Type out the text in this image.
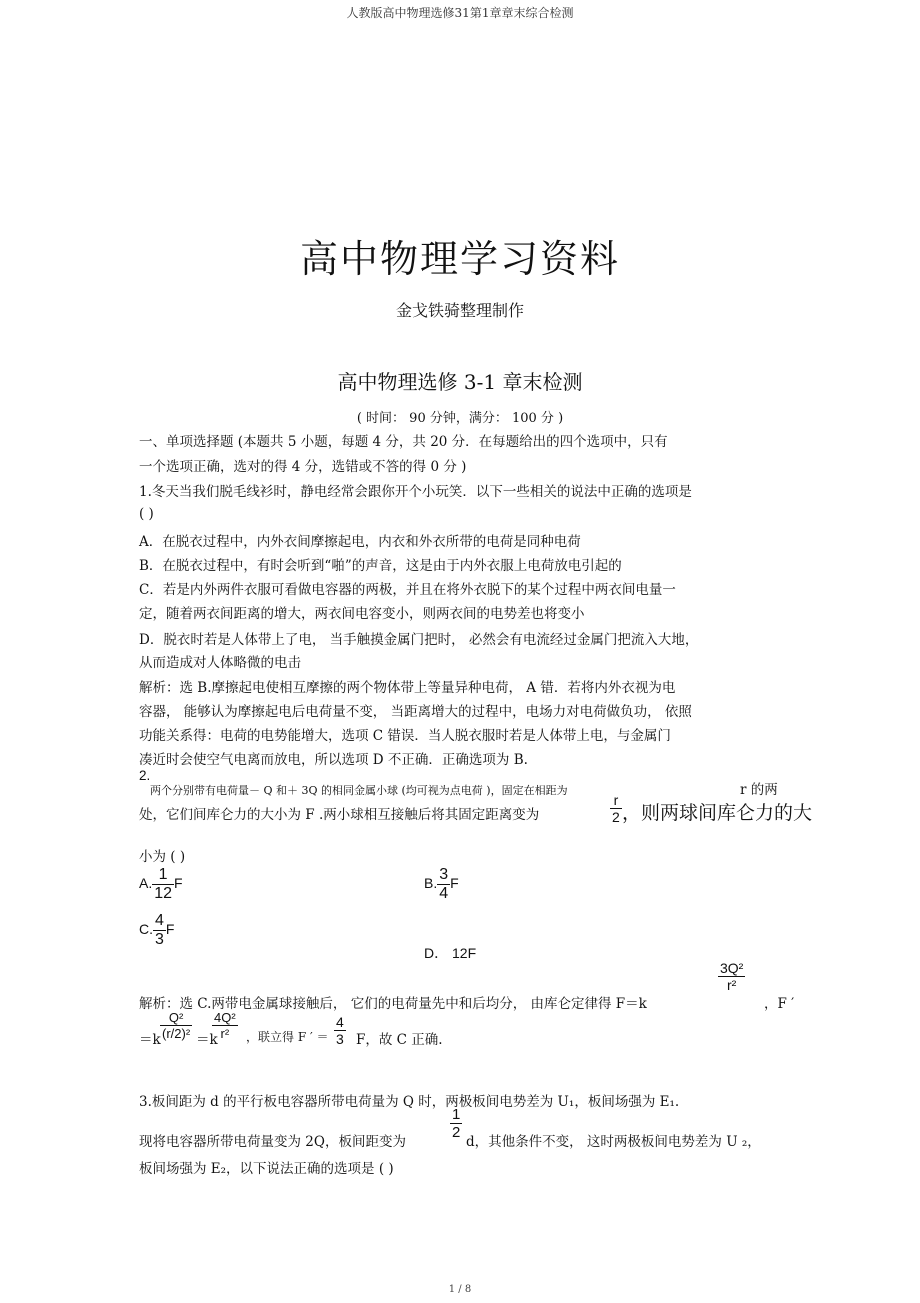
人教版高中物理选修31第1章章末综合检测
高中物理学习资料
金戈铁骑整理制作
高中物理选修 3-1 章末检测
( 时间： 90 分钟，满分： 100 分 )
一、单项选择题 (本题共 5 小题，每题 4 分，共 20 分．在每题给出的四个选项中，只有
一个选项正确，选对的得 4 分，选错或不答的得 0 分 )
1.冬天当我们脱毛线衫时，静电经常会跟你开个小玩笑．以下一些相关的说法中正确的选项是
( )
A．在脱衣过程中，内外衣间摩擦起电，内衣和外衣所带的电荷是同种电荷
B．在脱衣过程中，有时会听到“啪”的声音，这是由于内外衣服上电荷放电引起的
C．若是内外两件衣服可看做电容器的两极，并且在将外衣脱下的某个过程中两衣间电量一
定，随着两衣间距离的增大，两衣间电容变小，则两衣间的电势差也将变小
D．脱衣时若是人体带上了电， 当手触摸金属门把时， 必然会有电流经过金属门把流入大地，
从而造成对人体略微的电击
解析：选 B.摩擦起电使相互摩擦的两个物体带上等量异种电荷， A 错．若将内外衣视为电
容器， 能够认为摩擦起电后电荷量不变， 当距离增大的过程中，电场力对电荷做负功， 依照
功能关系得：电荷的电势能增大，选项 C 错误．当人脱衣服时若是人体带上电，与金属门
凑近时会使空气电离而放电，所以选项 D 不正确．正确选项为 B.
2.
两个分别带有电荷量－ Q 和＋ 3Q 的相同金属小球 (均可视为点电荷 )，固定在相距为	r 的两
处，它们间库仑力的大小为 F .两小球相互接触后将其固定距离变为	$\frac{r}{2}$ ，则两球间库仑力的大
小为 ( )
A. $\frac{1}{12}$ F	B. $\frac{3}{4}$ F
C. $\frac{4}{3}$ F
D． 12F
解析：选 C.两带电金属球接触后， 它们的电荷量先中和后均分， 由库仑定律得 F＝k
$\frac{\text{3Q²}}{\text{r²}}$
，F ′
$=k \frac{\text{Q²}}{\text{(r/2)²}} =k$
$\frac{\text{4Q²}}{\text{r²}}$ ，联立得 F ′ ＝ $\frac{4}{3}$ F，故 C 正确.
3.板间距为 d 的平行板电容器所带电荷量为 Q 时，两极板间电势差为 U₁，板间场强为 E₁.
现将电容器所带电荷量变为 2Q，板间距变为
$\frac{1}{2}$
d，其他条件不变， 这时两极板间电势差为 U ₂，
板间场强为 E₂，以下说法正确的选项是 ( )
1 / 8
